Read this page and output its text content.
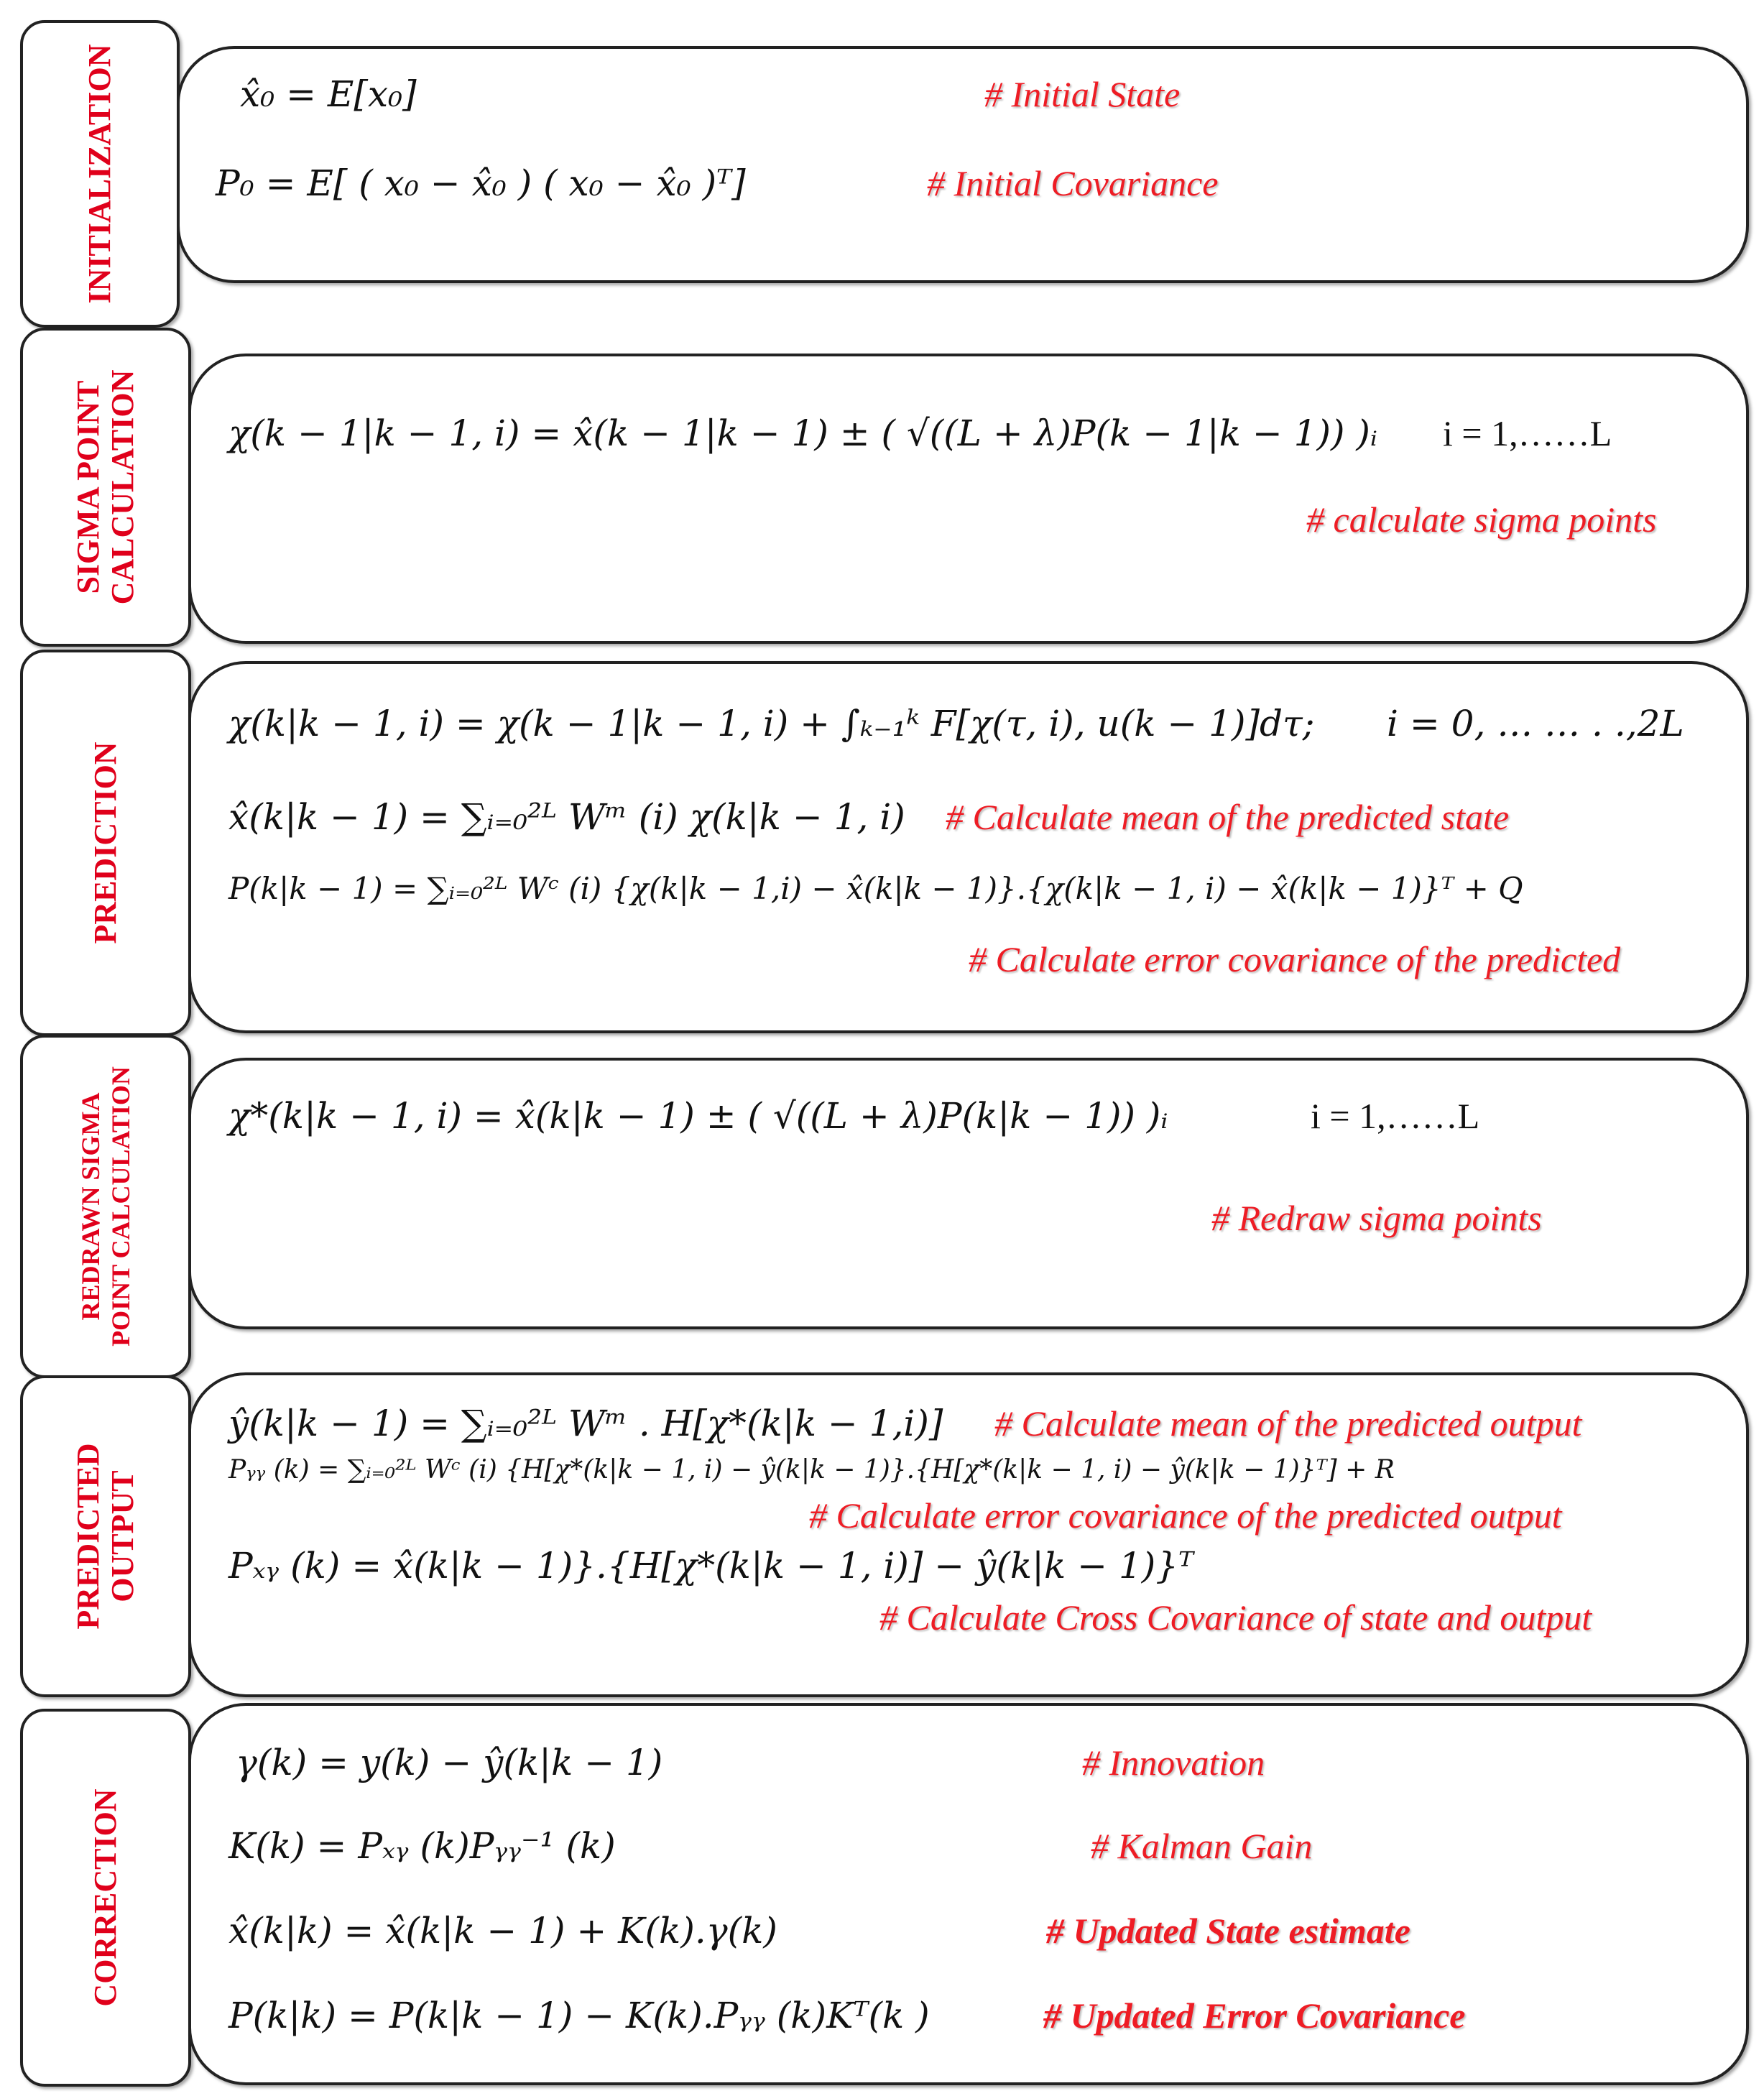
INITIALIZATION	x̂₀ = E[x₀]	# Initial State
P₀ = E[ ( x₀ − x̂₀ ) ( x₀ − x̂₀ )ᵀ]	# Initial Covariance
SIGMA POINT CALCULATION χ(k − 1|k − 1, i) = x̂(k − 1|k − 1) ± ( √((L + λ)P(k − 1|k − 1)) )ᵢ i = 1,……L
# calculate sigma points
PREDICTION
χ(k|k − 1, i) = χ(k − 1|k − 1, i) + ∫ₖ₋₁ᵏ F[χ(τ, i), u(k − 1)]dτ; i = 0, … … . .,2L
x̂(k|k − 1) = ∑ᵢ₌₀²ᴸ Wᵐ (i) χ(k|k − 1, i) # Calculate mean of the predicted state
P(k|k − 1) = ∑ᵢ₌₀²ᴸ Wᶜ (i) {χ(k|k − 1,i) − x̂(k|k − 1)}.{χ(k|k − 1, i) − x̂(k|k − 1)}ᵀ + Q
# Calculate error covariance of the predicted
REDRAWN SIGMA POINT CALCULATION	χ*(k|k − 1, i) = x̂(k|k − 1) ± ( √((L + λ)P(k|k − 1)) )ᵢ	i = 1,……L
# Redraw sigma points
PREDICTED OUTPUT
ŷ(k|k − 1) = ∑ᵢ₌₀²ᴸ Wᵐ . H[χ*(k|k − 1,i)] # Calculate mean of the predicted output
Pᵧᵧ (k) = ∑ᵢ₌₀²ᴸ Wᶜ (i) {H[χ*(k|k − 1, i) − ŷ(k|k − 1)}.{H[χ*(k|k − 1, i) − ŷ(k|k − 1)}ᵀ] + R
# Calculate error covariance of the predicted output
Pₓᵧ (k) = x̂(k|k − 1)}.{H[χ*(k|k − 1, i)] − ŷ(k|k − 1)}ᵀ
# Calculate Cross Covariance of state and output
CORRECTION
γ(k) = y(k) − ŷ(k|k − 1)	# Innovation
K(k) = Pₓᵧ (k)Pᵧᵧ⁻¹ (k)	# Kalman Gain
x̂(k|k) = x̂(k|k − 1) + K(k).γ(k)	# Updated State estimate
P(k|k) = P(k|k − 1) − K(k).Pᵧᵧ (k)Kᵀ(k )	# Updated Error Covariance
